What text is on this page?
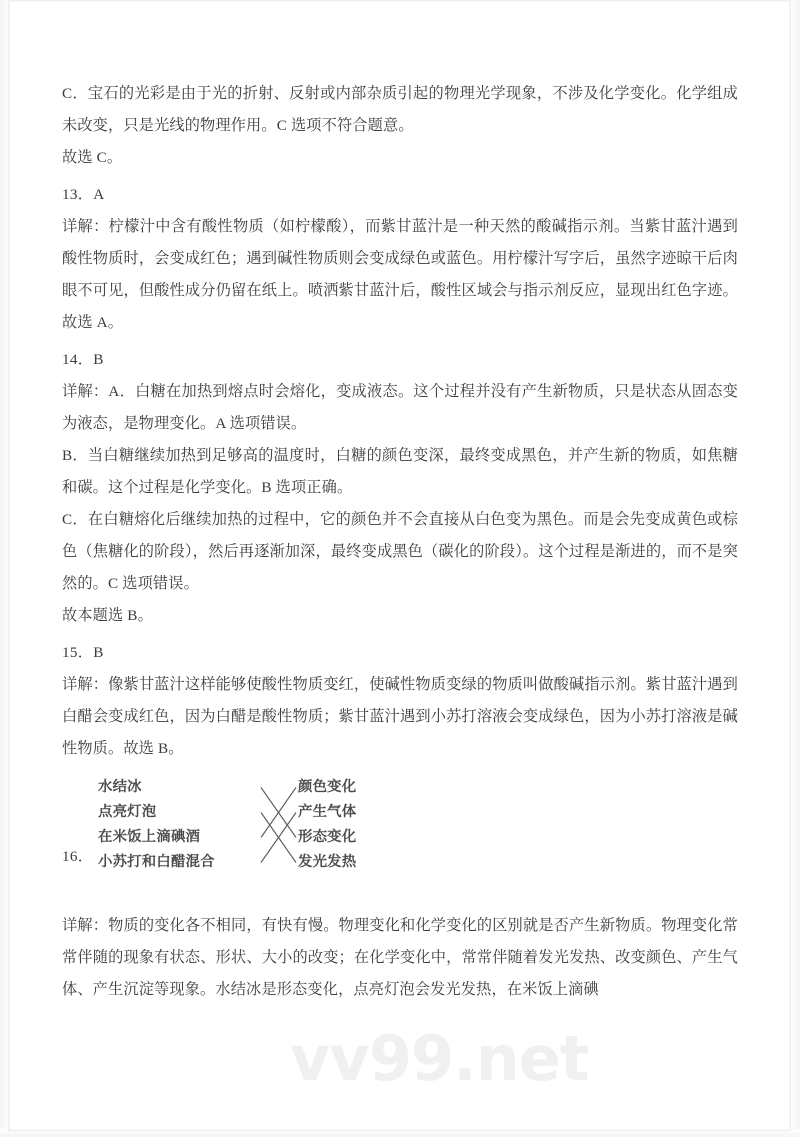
vv99.net

C．宝石的光彩是由于光的折射、反射或内部杂质引起的物理光学现象，不涉及化学变化。化学组成未改变，只是光线的物理作用。C 选项不符合题意。

故选 C。

13．A

详解：柠檬汁中含有酸性物质（如柠檬酸），而紫甘蓝汁是一种天然的酸碱指示剂。当紫甘蓝汁遇到酸性物质时，会变成红色；遇到碱性物质则会变成绿色或蓝色。用柠檬汁写字后，虽然字迹晾干后肉眼不可见，但酸性成分仍留在纸上。喷洒紫甘蓝汁后，酸性区域会与指示剂反应，显现出红色字迹。故选 A。

14．B

详解：A．白糖在加热到熔点时会熔化，变成液态。这个过程并没有产生新物质，只是状态从固态变为液态，是物理变化。A 选项错误。

B．当白糖继续加热到足够高的温度时，白糖的颜色变深，最终变成黑色，并产生新的物质，如焦糖和碳。这个过程是化学变化。B 选项正确。

C．在白糖熔化后继续加热的过程中，它的颜色并不会直接从白色变为黑色。而是会先变成黄色或棕色（焦糖化的阶段），然后再逐渐加深，最终变成黑色（碳化的阶段）。这个过程是渐进的，而不是突然的。C 选项错误。

故本题选 B。

15．B

详解：像紫甘蓝汁这样能够使酸性物质变红，使碱性物质变绿的物质叫做酸碱指示剂。紫甘蓝汁遇到白醋会变成红色，因为白醋是酸性物质；紫甘蓝汁遇到小苏打溶液会变成绿色，因为小苏打溶液是碱性物质。故选 B。

16．
水结冰
点亮灯泡
在米饭上滴碘酒
小苏打和白醋混合
颜色变化
产生气体
形态变化
发光发热

详解：物质的变化各不相同，有快有慢。物理变化和化学变化的区别就是否产生新物质。物理变化常常伴随的现象有状态、形状、大小的改变；在化学变化中，常常伴随着发光发热、改变颜色、产生气体、产生沉淀等现象。水结冰是形态变化，点亮灯泡会发光发热，在米饭上滴碘
